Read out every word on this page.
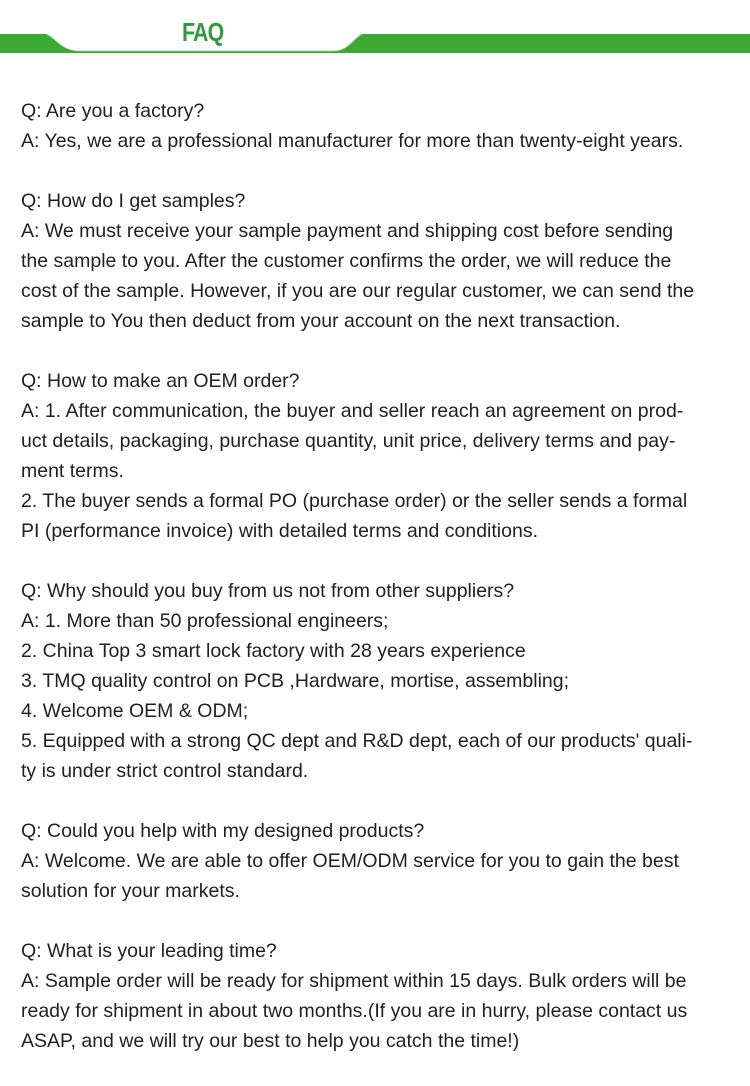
FAQ
Q: Are you a factory?
A: Yes, we are a professional manufacturer for more than twenty-eight years.
Q: How do I get samples?
A: We must receive your sample payment and shipping cost before sending
the sample to you. After the customer confirms the order, we will reduce the
cost of the sample. However, if you are our regular customer, we can send the
sample to You then deduct from your account on the next transaction.
Q: How to make an OEM order?
A: 1. After communication, the buyer and seller reach an agreement on prod-
uct details, packaging, purchase quantity, unit price, delivery terms and pay-
ment terms.
2. The buyer sends a formal PO (purchase order) or the seller sends a formal
PI (performance invoice) with detailed terms and conditions.
Q: Why should you buy from us not from other suppliers?
A: 1. More than 50 professional engineers;
2. China Top 3 smart lock factory with 28 years experience
3. TMQ quality control on PCB ,Hardware, mortise, assembling;
4. Welcome OEM & ODM;
5. Equipped with a strong QC dept and R&D dept, each of our products' quali-
ty is under strict control standard.
Q: Could you help with my designed products?
A: Welcome. We are able to offer OEM/ODM service for you to gain the best
solution for your markets.
Q: What is your leading time?
A: Sample order will be ready for shipment within 15 days. Bulk orders will be
ready for shipment in about two months.(If you are in hurry, please contact us
ASAP, and we will try our best to help you catch the time!)
